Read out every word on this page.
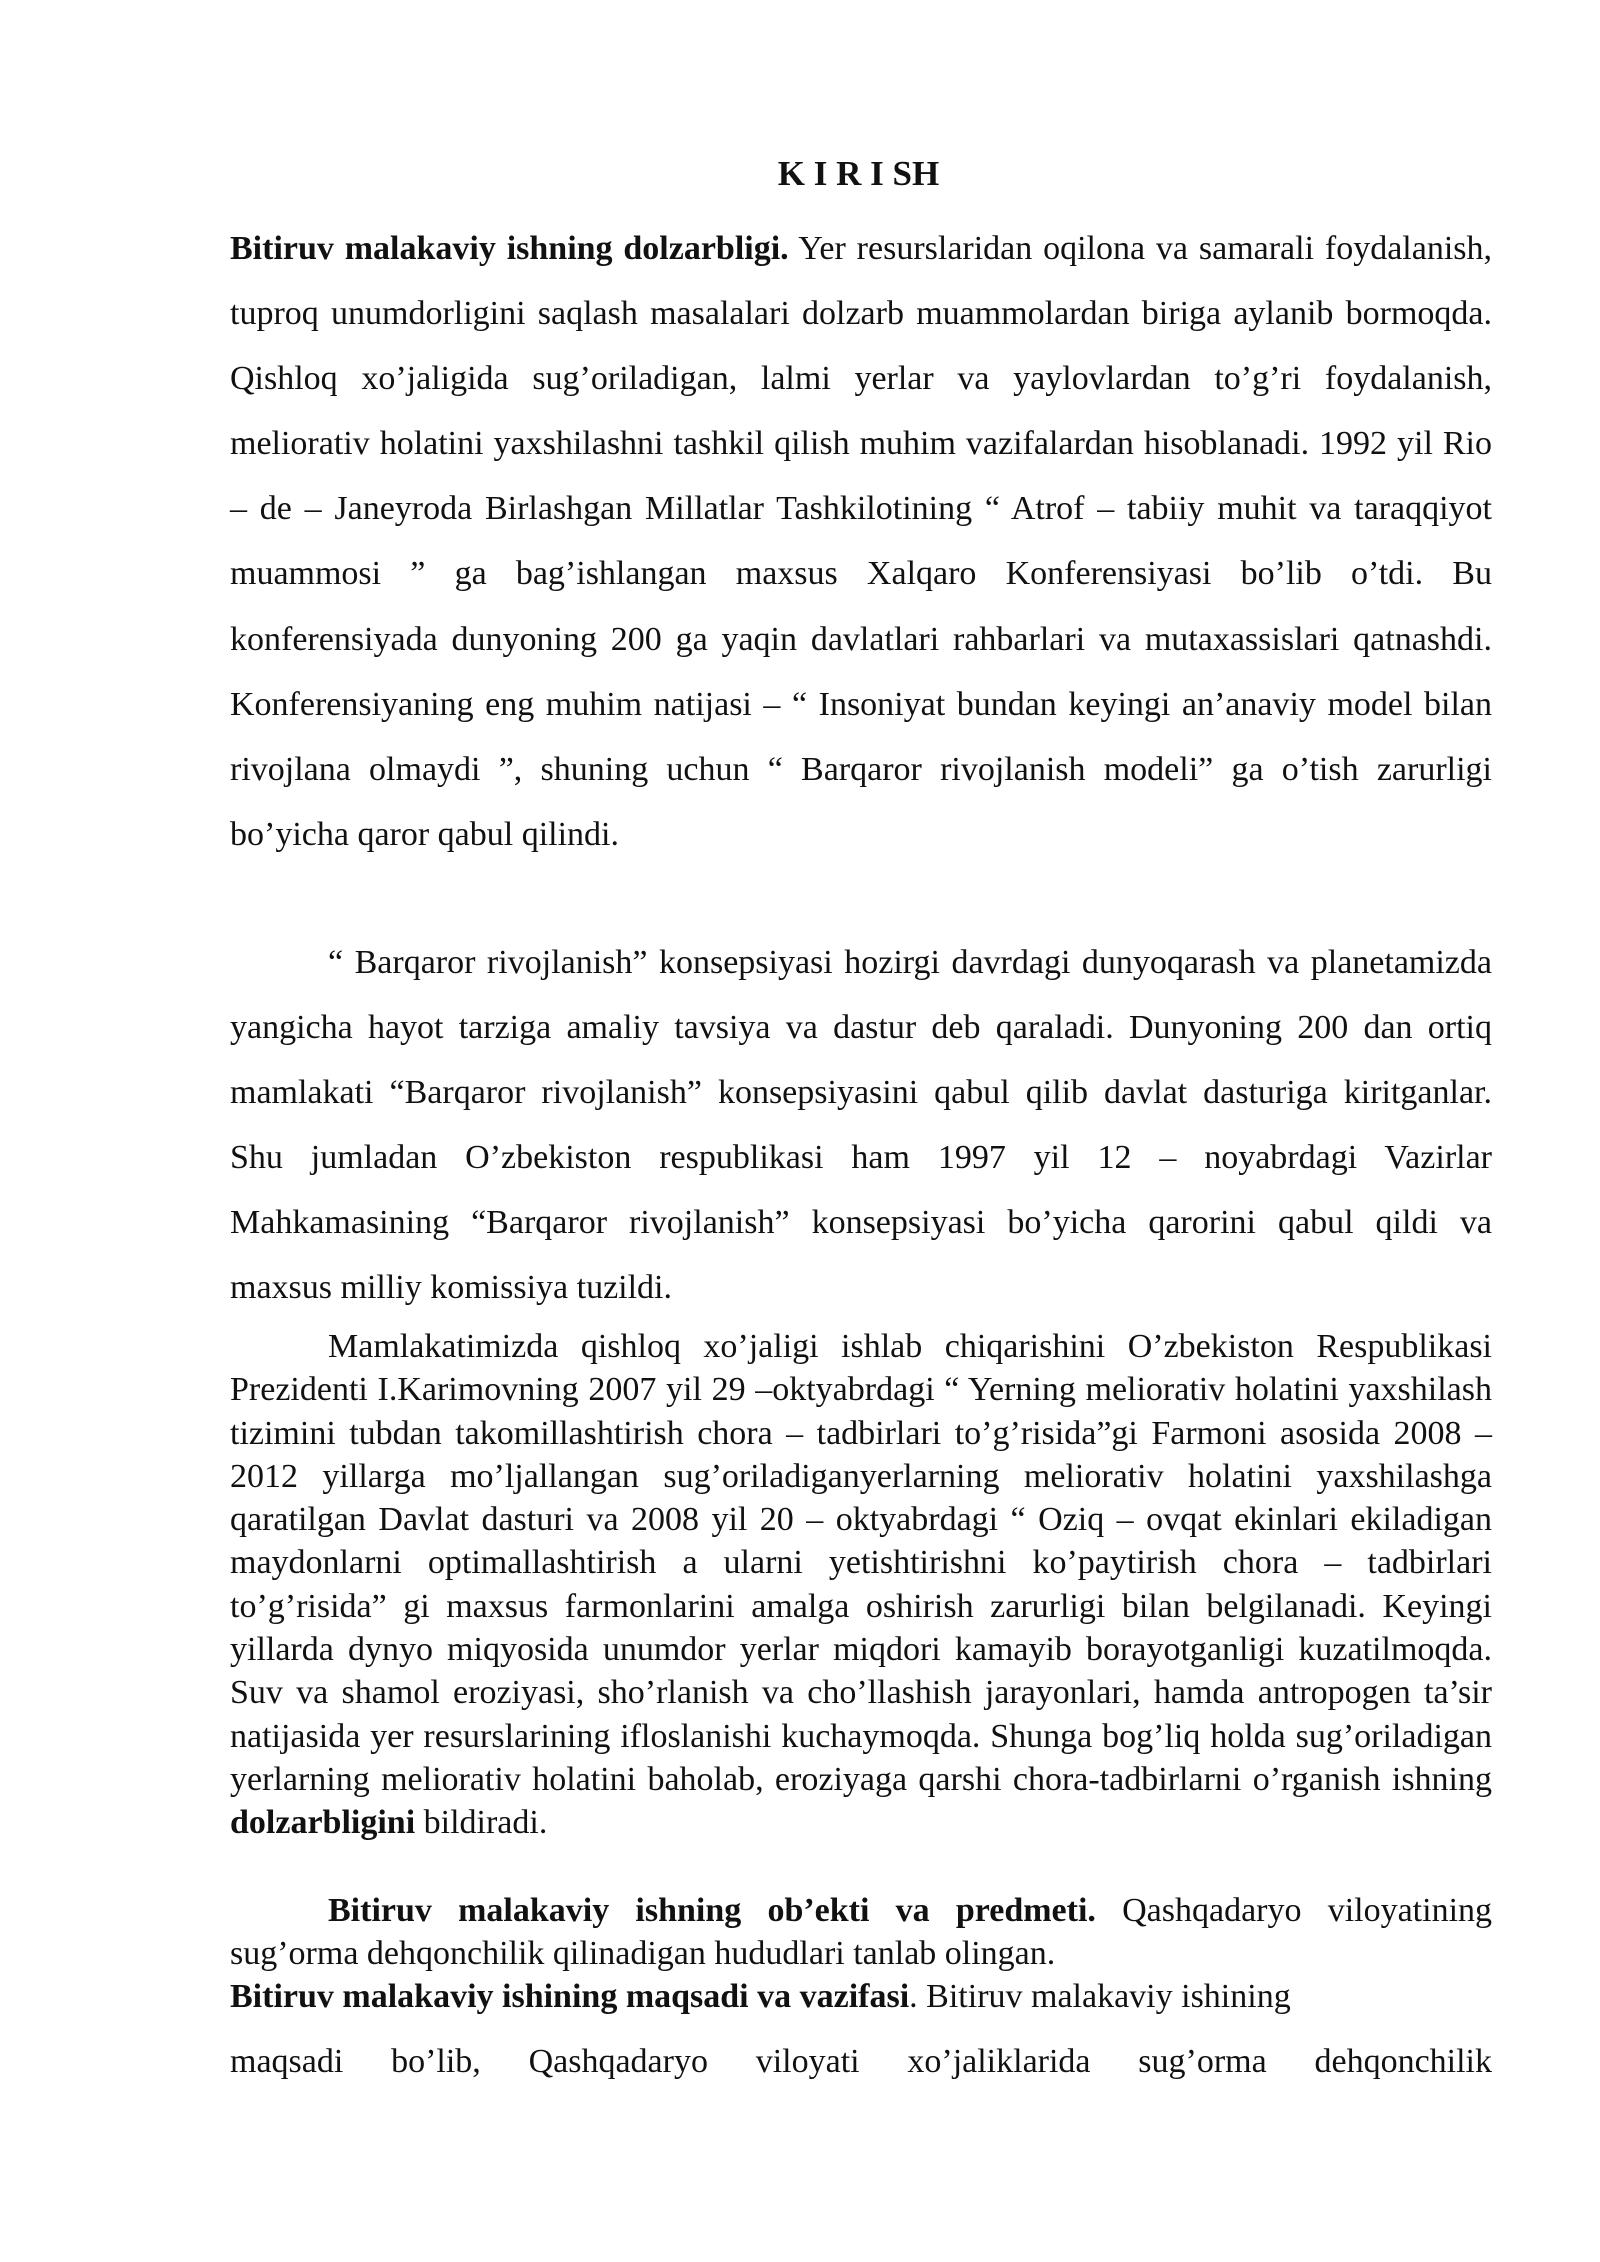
K I R I SH

Bitiruv malakaviy ishning dolzarbligi. Yer resurslaridan oqilona va samarali foydalanish, tuproq unumdorligini saqlash masalalari dolzarb muammolardan biriga aylanib bormoqda. Qishloq xo’jaligida sug’oriladigan, lalmi yerlar va yaylovlardan to’g’ri foydalanish, meliorativ holatini yaxshilashni tashkil qilish muhim vazifalardan hisoblanadi. 1992 yil Rio – de – Janeyroda Birlashgan Millatlar Tashkilotining “ Atrof – tabiiy muhit va taraqqiyot muammosi ” ga bag’ishlangan maxsus Xalqaro Konferensiyasi bo’lib o’tdi. Bu konferensiyada dunyoning 200 ga yaqin davlatlari rahbarlari va mutaxassislari qatnashdi. Konferensiyaning eng muhim natijasi – “ Insoniyat bundan keyingi an’anaviy model bilan rivojlana olmaydi ”, shuning uchun “ Barqaror rivojlanish modeli” ga o’tish zarurligi bo’yicha qaror qabul qilindi.

“ Barqaror rivojlanish” konsepsiyasi hozirgi davrdagi dunyoqarash va planetamizda yangicha hayot tarziga amaliy tavsiya va dastur deb qaraladi. Dunyoning 200 dan ortiq mamlakati “Barqaror rivojlanish” konsepsiyasini qabul qilib davlat dasturiga kiritganlar. Shu jumladan O’zbekiston respublikasi ham 1997 yil 12 – noyabrdagi Vazirlar Mahkamasining “Barqaror rivojlanish” konsepsiyasi bo’yicha qarorini qabul qildi va maxsus milliy komissiya tuzildi.

Mamlakatimizda qishloq xo’jaligi ishlab chiqarishini O’zbekiston Respublikasi Prezidenti I.Karimovning 2007 yil 29 –oktyabrdagi “ Yerning meliorativ holatini yaxshilash tizimini tubdan takomillashtirish chora – tadbirlari to’g’risida”gi Farmoni asosida 2008 – 2012 yillarga mo’ljallangan sug’oriladiganyerlarning meliorativ holatini yaxshilashga qaratilgan Davlat dasturi va 2008 yil 20 – oktyabrdagi “ Oziq – ovqat ekinlari ekiladigan maydonlarni optimallashtirish a ularni yetishtirishni ko’paytirish chora – tadbirlari to’g’risida” gi maxsus farmonlarini amalga oshirish zarurligi bilan belgilanadi. Keyingi yillarda dynyo miqyosida unumdor yerlar miqdori kamayib borayotganligi kuzatilmoqda. Suv va shamol eroziyasi, sho’rlanish va cho’llashish jarayonlari, hamda antropogen ta’sir natijasida yer resurslarining ifloslanishi kuchaymoqda. Shunga bog’liq holda sug’oriladigan yerlarning meliorativ holatini baholab, eroziyaga qarshi chora-tadbirlarni o’rganish ishning dolzarbligini bildiradi.

Bitiruv malakaviy ishning ob’ekti va predmeti. Qashqadaryo viloyatining sug’orma dehqonchilik qilinadigan hududlari tanlab olingan.

Bitiruv malakaviy ishining maqsadi va vazifasi. Bitiruv malakaviy ishining

maqsadi bo’lib, Qashqadaryo viloyati xo’jaliklarida sug’orma dehqonchilik
